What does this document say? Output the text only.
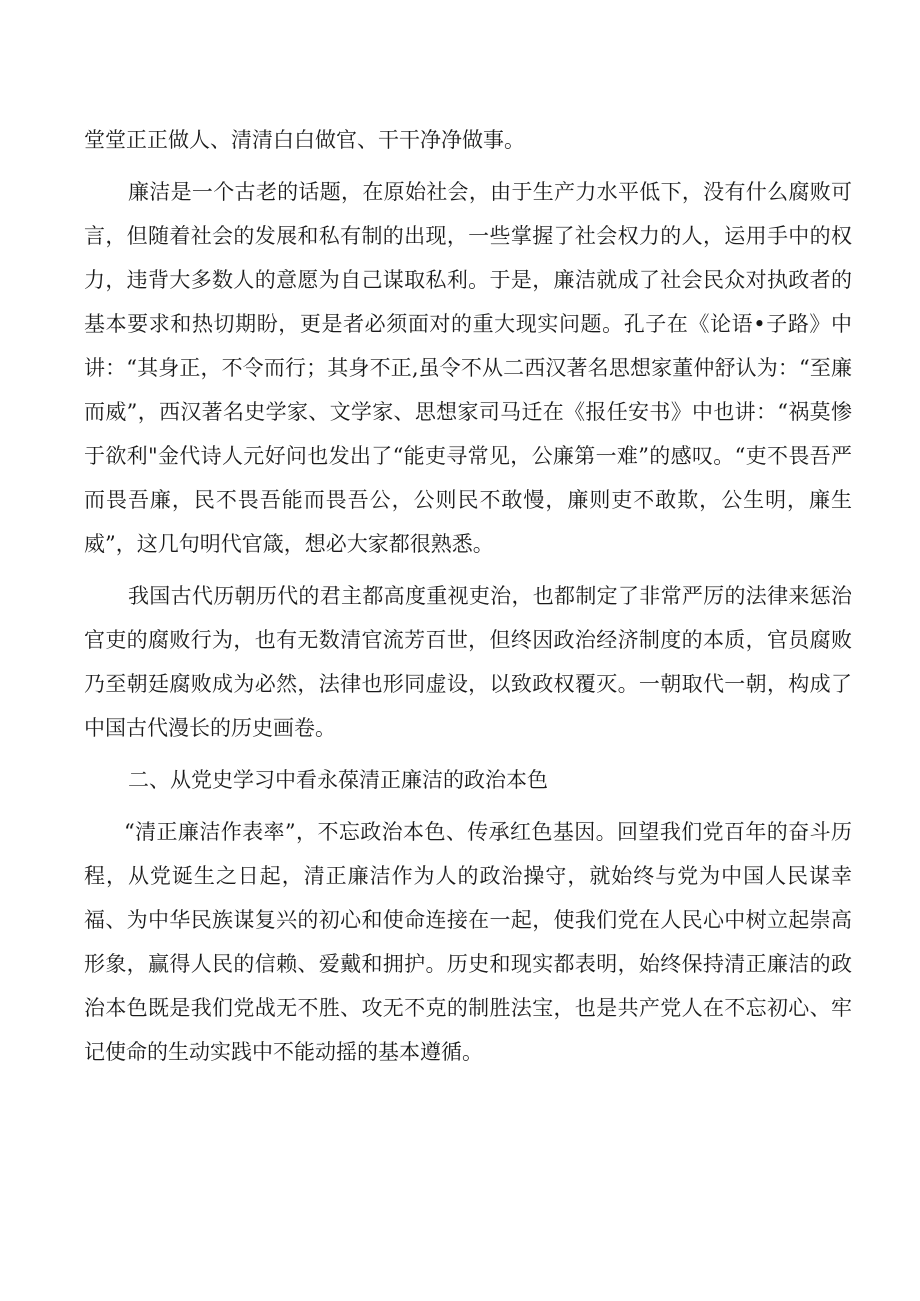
堂堂正正做人、清清白白做官、干干净净做事。

廉洁是一个古老的话题，在原始社会，由于生产力水平低下，没有什么腐败可言，但随着社会的发展和私有制的出现，一些掌握了社会权力的人，运用手中的权力，违背大多数人的意愿为自己谋取私利。于是，廉洁就成了社会民众对执政者的基本要求和热切期盼，更是者必须面对的重大现实问题。孔子在《论语•子路》中讲：“其身正，不令而行；其身不正,虽令不从二西汉著名思想家董仲舒认为：“至廉而威”，西汉著名史学家、文学家、思想家司马迁在《报任安书》中也讲：“祸莫惨于欲利"金代诗人元好问也发出了“能吏寻常见，公廉第一难”的感叹。“吏不畏吾严而畏吾廉，民不畏吾能而畏吾公，公则民不敢慢，廉则吏不敢欺，公生明，廉生威”，这几句明代官箴，想必大家都很熟悉。

我国古代历朝历代的君主都高度重视吏治，也都制定了非常严厉的法律来惩治官吏的腐败行为，也有无数清官流芳百世，但终因政治经济制度的本质，官员腐败乃至朝廷腐败成为必然，法律也形同虚设，以致政权覆灭。一朝取代一朝，构成了中国古代漫长的历史画卷。

二、从党史学习中看永葆清正廉洁的政治本色

“清正廉洁作表率”，不忘政治本色、传承红色基因。回望我们党百年的奋斗历程，从党诞生之日起，清正廉洁作为人的政治操守，就始终与党为中国人民谋幸福、为中华民族谋复兴的初心和使命连接在一起，使我们党在人民心中树立起崇高形象，赢得人民的信赖、爱戴和拥护。历史和现实都表明，始终保持清正廉洁的政治本色既是我们党战无不胜、攻无不克的制胜法宝，也是共产党人在不忘初心、牢记使命的生动实践中不能动摇的基本遵循。
